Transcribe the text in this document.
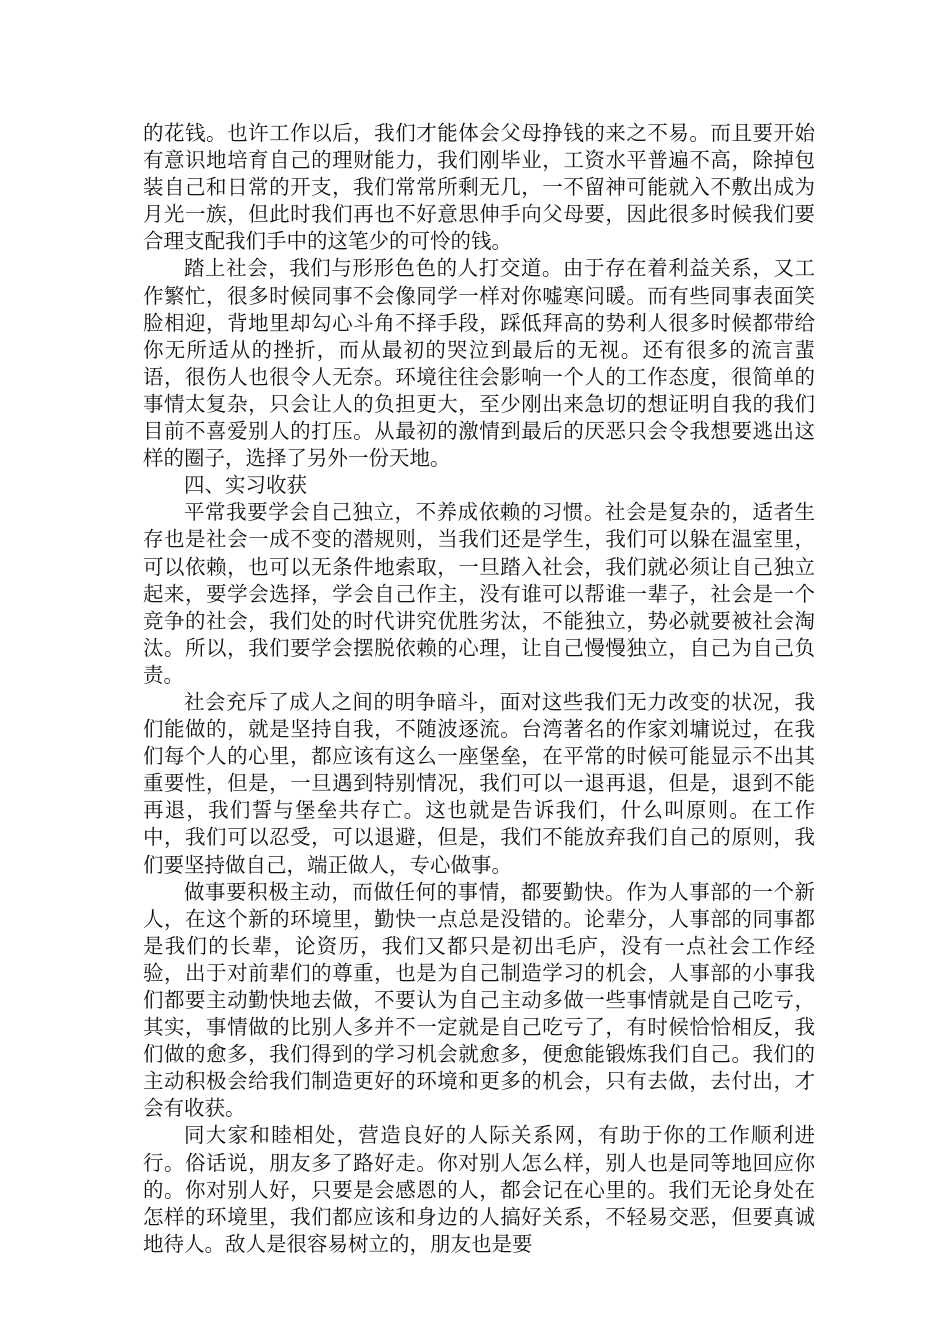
的花钱。也许工作以后，我们才能体会父母挣钱的来之不易。而且要开始有意识地培育自己的理财能力，我们刚毕业，工资水平普遍不高，除掉包装自己和日常的开支，我们常常所剩无几，一不留神可能就入不敷出成为月光一族，但此时我们再也不好意思伸手向父母要，因此很多时候我们要合理支配我们手中的这笔少的可怜的钱。

踏上社会，我们与形形色色的人打交道。由于存在着利益关系，又工作繁忙，很多时候同事不会像同学一样对你嘘寒问暖。而有些同事表面笑脸相迎，背地里却勾心斗角不择手段，踩低拜高的势利人很多时候都带给你无所适从的挫折，而从最初的哭泣到最后的无视。还有很多的流言蜚语，很伤人也很令人无奈。环境往往会影响一个人的工作态度，很简单的事情太复杂，只会让人的负担更大，至少刚出来急切的想证明自我的我们目前不喜爱别人的打压。从最初的激情到最后的厌恶只会令我想要逃出这样的圈子，选择了另外一份天地。

四、实习收获

平常我要学会自己独立，不养成依赖的习惯。社会是复杂的，适者生存也是社会一成不变的潜规则，当我们还是学生，我们可以躲在温室里，可以依赖，也可以无条件地索取，一旦踏入社会，我们就必须让自己独立起来，要学会选择，学会自己作主，没有谁可以帮谁一辈子，社会是一个竞争的社会，我们处的时代讲究优胜劣汰，不能独立，势必就要被社会淘汰。所以，我们要学会摆脱依赖的心理，让自己慢慢独立，自己为自己负责。

社会充斥了成人之间的明争暗斗，面对这些我们无力改变的状况，我们能做的，就是坚持自我，不随波逐流。台湾著名的作家刘墉说过，在我们每个人的心里，都应该有这么一座堡垒，在平常的时候可能显示不出其重要性，但是，一旦遇到特别情况，我们可以一退再退，但是，退到不能再退，我们誓与堡垒共存亡。这也就是告诉我们，什么叫原则。在工作中，我们可以忍受，可以退避，但是，我们不能放弃我们自己的原则，我们要坚持做自己，端正做人，专心做事。

做事要积极主动，而做任何的事情，都要勤快。作为人事部的一个新人，在这个新的环境里，勤快一点总是没错的。论辈分，人事部的同事都是我们的长辈，论资历，我们又都只是初出毛庐，没有一点社会工作经验，出于对前辈们的尊重，也是为自己制造学习的机会，人事部的小事我们都要主动勤快地去做，不要认为自己主动多做一些事情就是自己吃亏，其实，事情做的比别人多并不一定就是自己吃亏了，有时候恰恰相反，我们做的愈多，我们得到的学习机会就愈多，便愈能锻炼我们自己。我们的主动积极会给我们制造更好的环境和更多的机会，只有去做，去付出，才会有收获。

同大家和睦相处，营造良好的人际关系网，有助于你的工作顺利进行。俗话说，朋友多了路好走。你对别人怎么样，别人也是同等地回应你的。你对别人好，只要是会感恩的人，都会记在心里的。我们无论身处在怎样的环境里，我们都应该和身边的人搞好关系，不轻易交恶，但要真诚地待人。敌人是很容易树立的，朋友也是要
